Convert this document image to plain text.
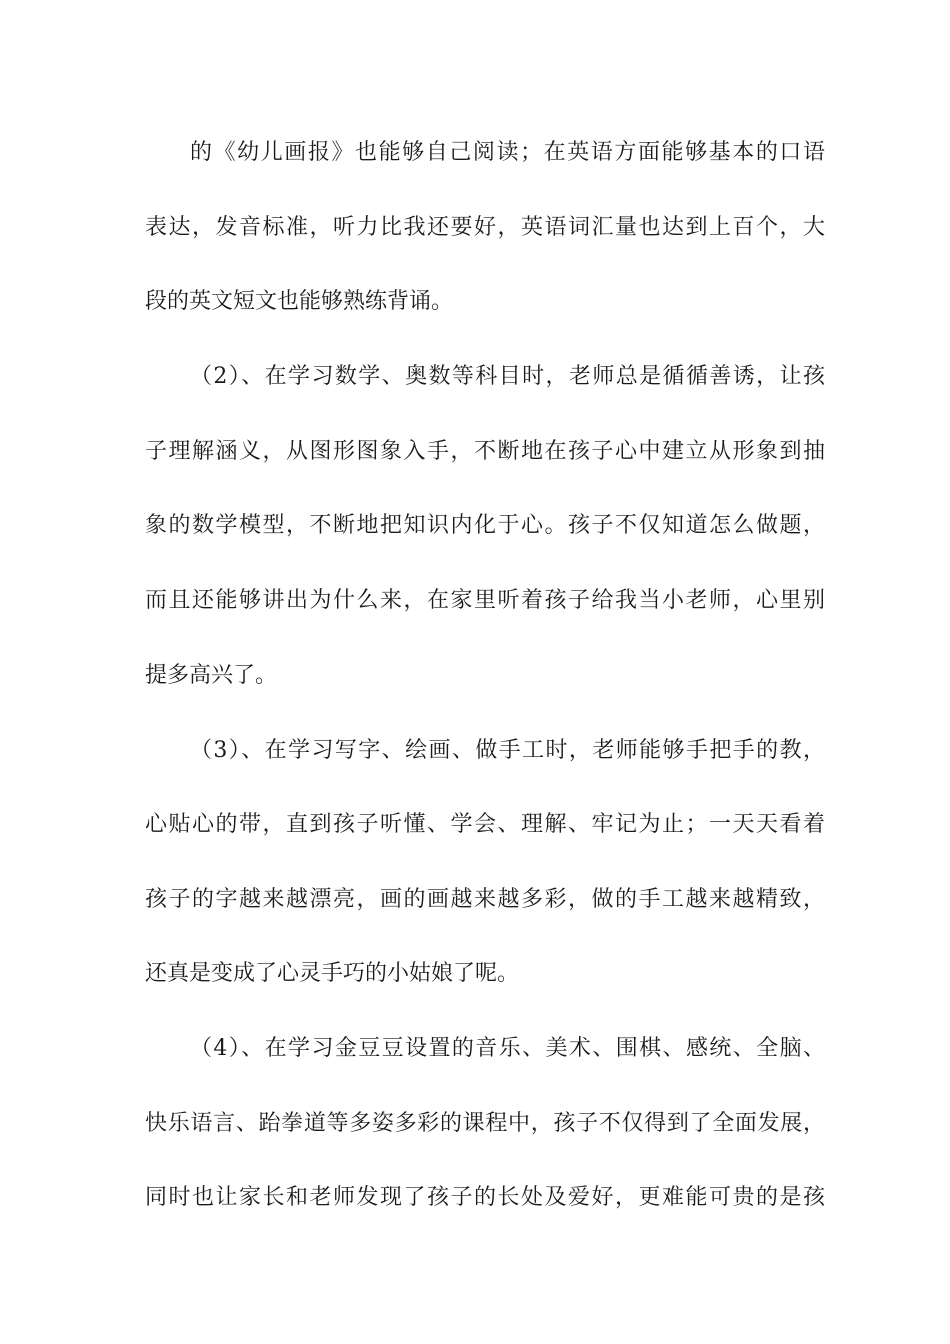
的《幼儿画报》也能够自己阅读；在英语方面能够基本的口语
表达，发音标准，听力比我还要好，英语词汇量也达到上百个，大
段的英文短文也能够熟练背诵。
（2）、在学习数学、奥数等科目时，老师总是循循善诱，让孩
子理解涵义，从图形图象入手，不断地在孩子心中建立从形象到抽
象的数学模型，不断地把知识内化于心。孩子不仅知道怎么做题，
而且还能够讲出为什么来，在家里听着孩子给我当小老师，心里别
提多高兴了。
（3）、在学习写字、绘画、做手工时，老师能够手把手的教，
心贴心的带，直到孩子听懂、学会、理解、牢记为止；一天天看着
孩子的字越来越漂亮，画的画越来越多彩，做的手工越来越精致，
还真是变成了心灵手巧的小姑娘了呢。
（4）、在学习金豆豆设置的音乐、美术、围棋、感统、全脑、
快乐语言、跆拳道等多姿多彩的课程中，孩子不仅得到了全面发展，
同时也让家长和老师发现了孩子的长处及爱好，更难能可贵的是孩
